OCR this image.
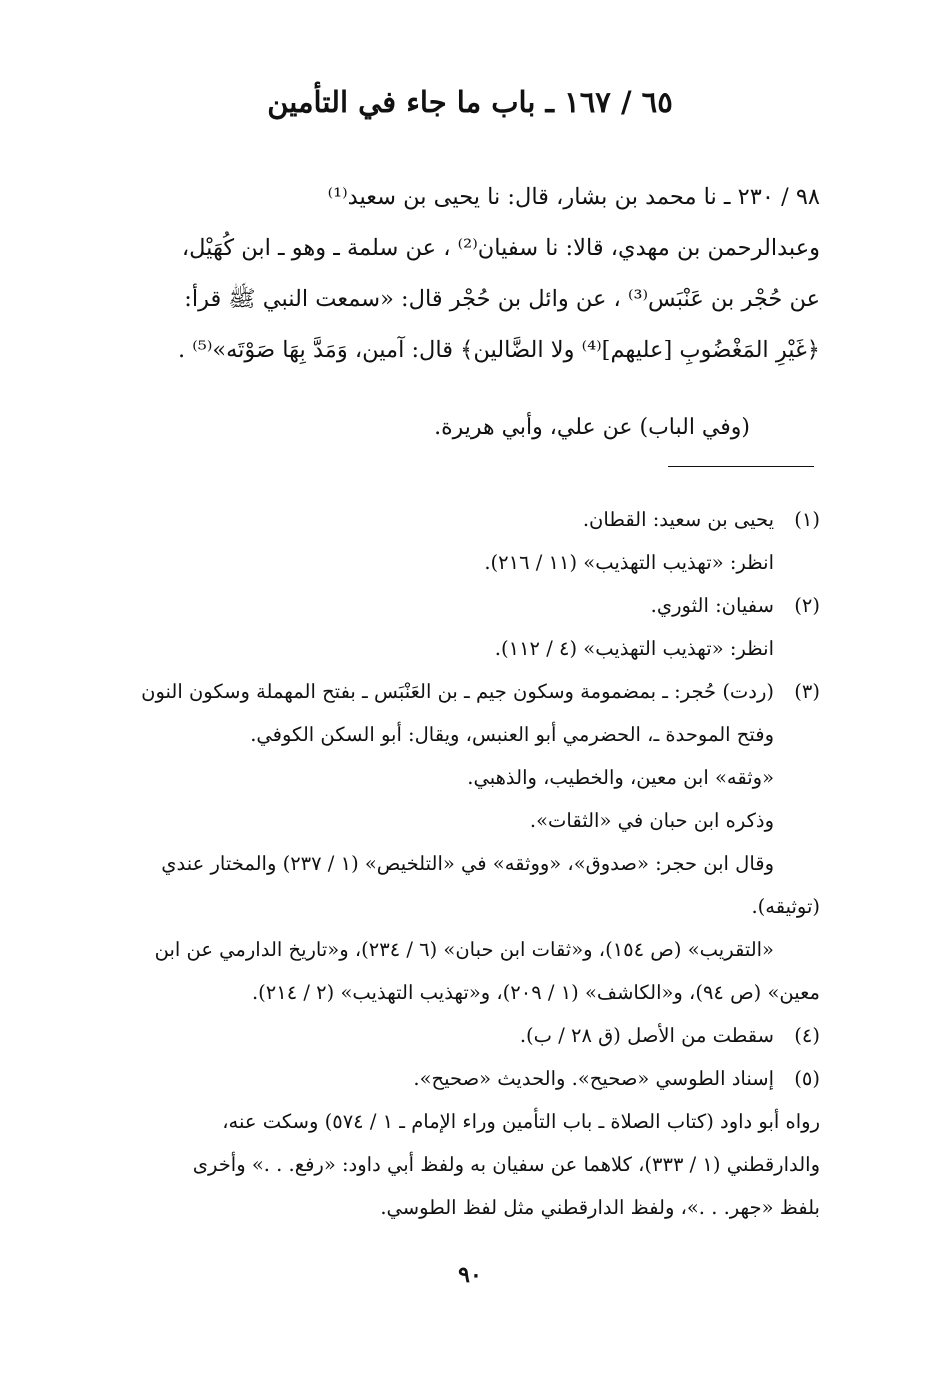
٦٥ / ١٦٧ ـ باب ما جاء في التأمين

٩٨ / ٢٣٠ ـ نا محمد بن بشار، قال: نا يحيى بن سعيد⁽¹⁾

وعبدالرحمن بن مهدي، قالا: نا سفيان⁽²⁾ ، عن سلمة ـ وهو ـ ابن كُهَيْل،

عن حُجْر بن عَنْبَس⁽³⁾ ، عن وائل بن حُجْر قال: «سمعت النبي ﷺ قرأ:

﴿غَيْرِ المَغْضُوبِ [عليهم]⁽⁴⁾ ولا الضَّالين﴾ قال: آمين، وَمَدَّ بِهَا صَوْتَه»⁽⁵⁾ .

(وفي الباب) عن علي، وأبي هريرة.

(١)يحيى بن سعيد: القطان.

انظر: «تهذيب التهذيب» (١١ / ٢١٦).

(٢)سفيان: الثوري.

انظر: «تهذيب التهذيب» (٤ / ١١٢).

(٣)(ردت) حُجر: ـ بمضمومة وسكون جيم ـ بن العَنْبَس ـ بفتح المهملة وسكون النون

وفتح الموحدة ـ، الحضرمي أبو العنبس، ويقال: أبو السكن الكوفي.

«وثقه» ابن معين، والخطيب، والذهبي.

وذكره ابن حبان في «الثقات».

وقال ابن حجر: «صدوق»، «ووثقه» في «التلخيص» (١ / ٢٣٧) والمختار عندي

(توثيقه).

«التقريب» (ص ١٥٤)، و«ثقات ابن حبان» (٦ / ٢٣٤)، و«تاريخ الدارمي عن ابن

معين» (ص ٩٤)، و«الكاشف» (١ / ٢٠٩)، و«تهذيب التهذيب» (٢ / ٢١٤).

(٤)سقطت من الأصل (ق ٢٨ / ب).

(٥)إسناد الطوسي «صحيح». والحديث «صحيح».

رواه أبو داود (كتاب الصلاة ـ باب التأمين وراء الإمام ـ ١ / ٥٧٤) وسكت عنه،

والدارقطني (١ / ٣٣٣)، كلاهما عن سفيان به ولفظ أبي داود: «رفع. . .» وأخرى

بلفظ «جهر. . .»، ولفظ الدارقطني مثل لفظ الطوسي.

٩٠
